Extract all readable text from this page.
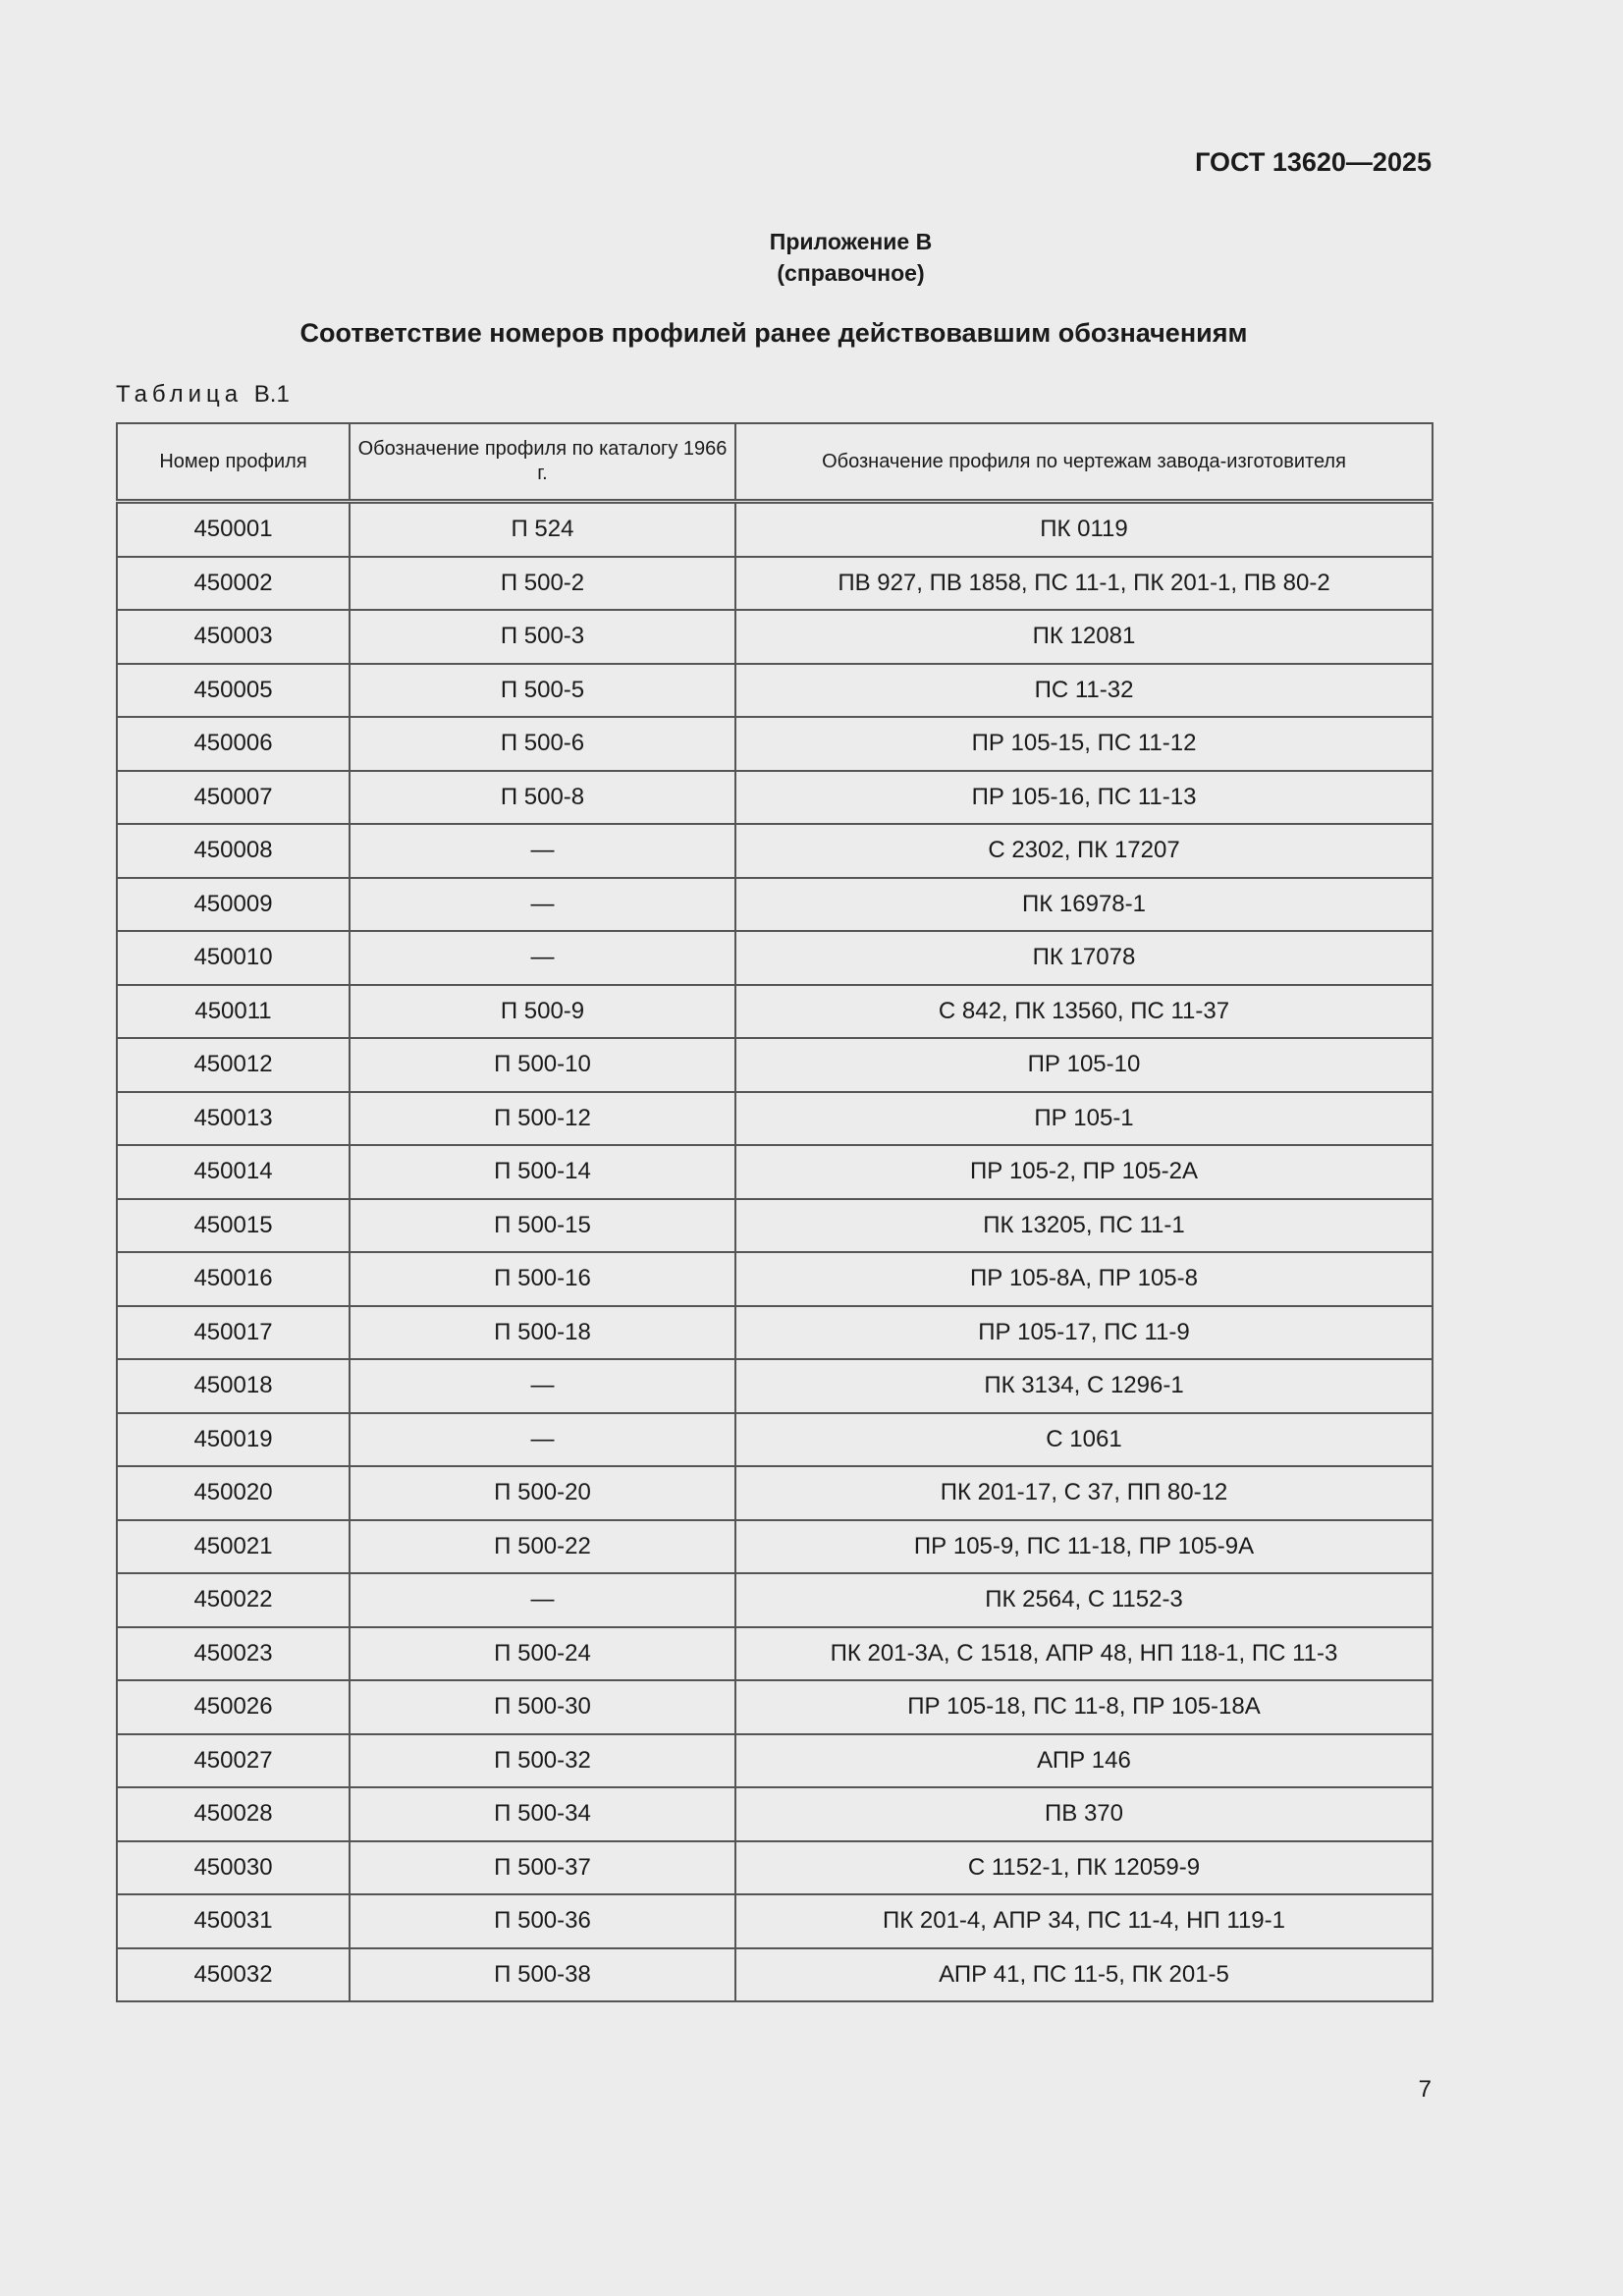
ГОСТ 13620—2025
Приложение В
(справочное)
Соответствие номеров профилей ранее действовавшим обозначениям
Таблица В.1
Номер профиля	Обозначение профиля по каталогу 1966 г.	Обозначение профиля по чертежам завода-изготовителя
450001	П 524	ПК 0119
450002	П 500-2	ПВ 927, ПВ 1858, ПС 11-1, ПК 201-1, ПВ 80-2
450003	П 500-3	ПК 12081
450005	П 500-5	ПС 11-32
450006	П 500-6	ПР 105-15, ПС 11-12
450007	П 500-8	ПР 105-16, ПС 11-13
450008	—	С 2302, ПК 17207
450009	—	ПК 16978-1
450010	—	ПК 17078
450011	П 500-9	С 842, ПК 13560, ПС 11-37
450012	П 500-10	ПР 105-10
450013	П 500-12	ПР 105-1
450014	П 500-14	ПР 105-2, ПР 105-2А
450015	П 500-15	ПК 13205, ПС 11-1
450016	П 500-16	ПР 105-8А, ПР 105-8
450017	П 500-18	ПР 105-17, ПС 11-9
450018	—	ПК 3134, С 1296-1
450019	—	С 1061
450020	П 500-20	ПК 201-17, С 37, ПП 80-12
450021	П 500-22	ПР 105-9, ПС 11-18, ПР 105-9А
450022	—	ПК 2564, С 1152-3
450023	П 500-24	ПК 201-3А, С 1518, АПР 48, НП 118-1, ПС 11-3
450026	П 500-30	ПР 105-18, ПС 11-8, ПР 105-18А
450027	П 500-32	АПР 146
450028	П 500-34	ПВ 370
450030	П 500-37	С 1152-1, ПК 12059-9
450031	П 500-36	ПК 201-4, АПР 34, ПС 11-4, НП 119-1
450032	П 500-38	АПР 41, ПС 11-5, ПК 201-5
7
